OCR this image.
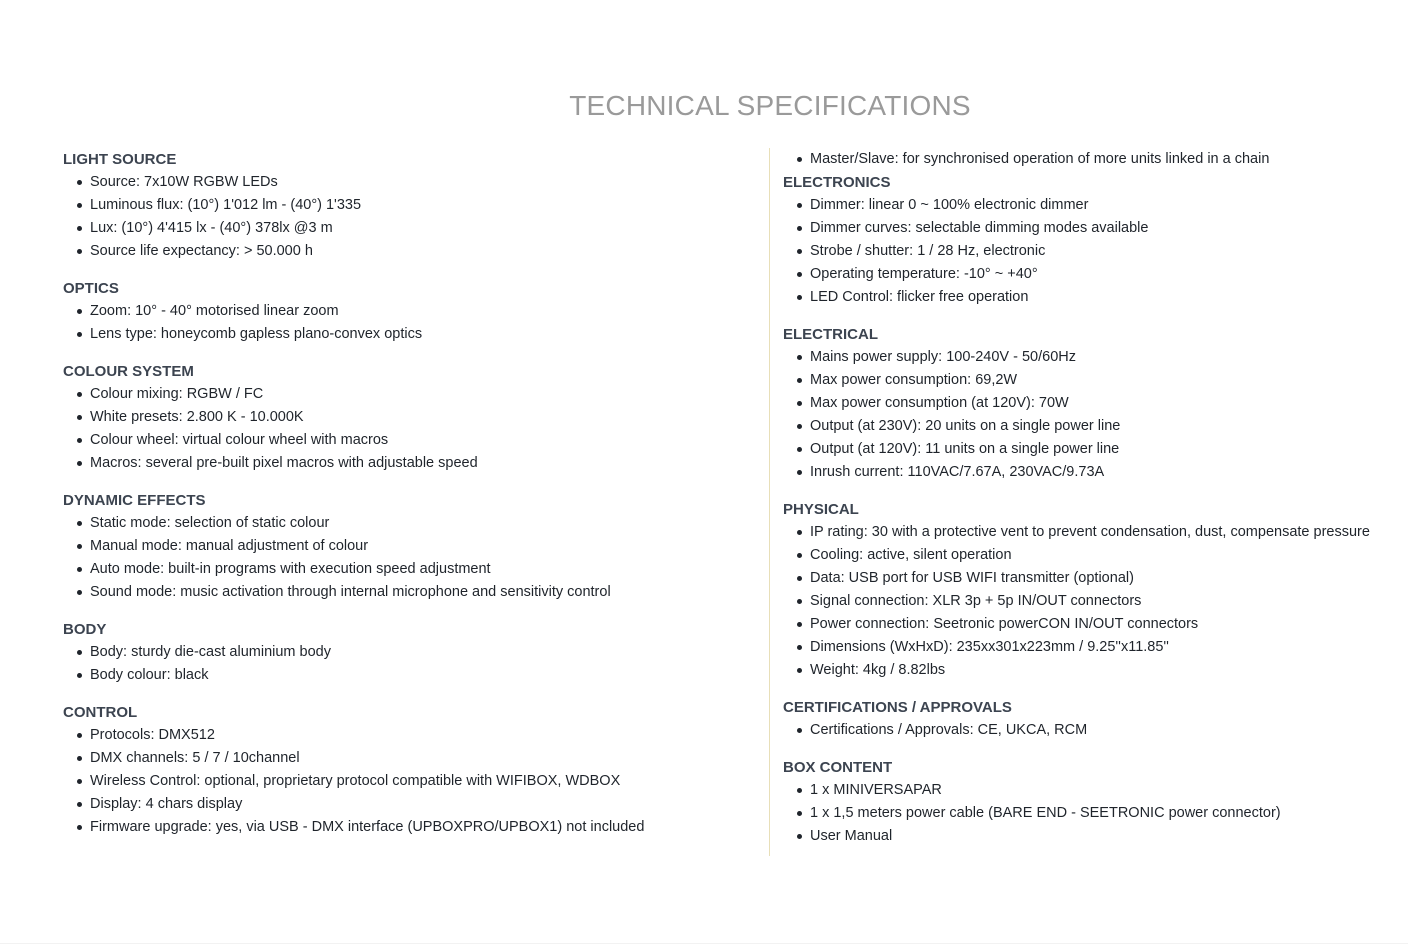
TECHNICAL SPECIFICATIONS
LIGHT SOURCE
Source: 7x10W RGBW LEDs
Luminous flux: (10°) 1'012 lm - (40°) 1'335
Lux: (10°) 4'415 lx - (40°) 378lx @3 m
Source life expectancy: > 50.000 h
OPTICS
Zoom: 10° - 40° motorised linear zoom
Lens type: honeycomb gapless plano-convex optics
COLOUR SYSTEM
Colour mixing: RGBW / FC
White presets: 2.800 K - 10.000K
Colour wheel: virtual colour wheel with macros
Macros: several pre-built pixel macros with adjustable speed
DYNAMIC EFFECTS
Static mode: selection of static colour
Manual mode: manual adjustment of colour
Auto mode: built-in programs with execution speed adjustment
Sound mode: music activation through internal microphone and sensitivity control
BODY
Body: sturdy die-cast aluminium body
Body colour: black
CONTROL
Protocols: DMX512
DMX channels: 5 / 7 / 10channel
Wireless Control: optional, proprietary protocol compatible with WIFIBOX, WDBOX
Display: 4 chars display
Firmware upgrade: yes, via USB - DMX interface (UPBOXPRO/UPBOX1) not included
Master/Slave: for synchronised operation of more units linked in a chain
ELECTRONICS
Dimmer: linear 0 ~ 100% electronic dimmer
Dimmer curves: selectable dimming modes available
Strobe / shutter: 1 / 28 Hz, electronic
Operating temperature: -10° ~ +40°
LED Control: flicker free operation
ELECTRICAL
Mains power supply: 100-240V - 50/60Hz
Max power consumption: 69,2W
Max power consumption (at 120V): 70W
Output (at 230V): 20 units on a single power line
Output (at 120V): 11 units on a single power line
Inrush current: 110VAC/7.67A, 230VAC/9.73A
PHYSICAL
IP rating: 30 with a protective vent to prevent condensation, dust, compensate pressure
Cooling: active, silent operation
Data: USB port for USB WIFI transmitter (optional)
Signal connection: XLR 3p + 5p IN/OUT connectors
Power connection: Seetronic powerCON IN/OUT connectors
Dimensions (WxHxD): 235xx301x223mm / 9.25''x11.85''
Weight: 4kg / 8.82lbs
CERTIFICATIONS / APPROVALS
Certifications / Approvals: CE, UKCA, RCM
BOX CONTENT
1 x MINIVERSAPAR
1 x 1,5 meters power cable (BARE END - SEETRONIC power connector)
User Manual
